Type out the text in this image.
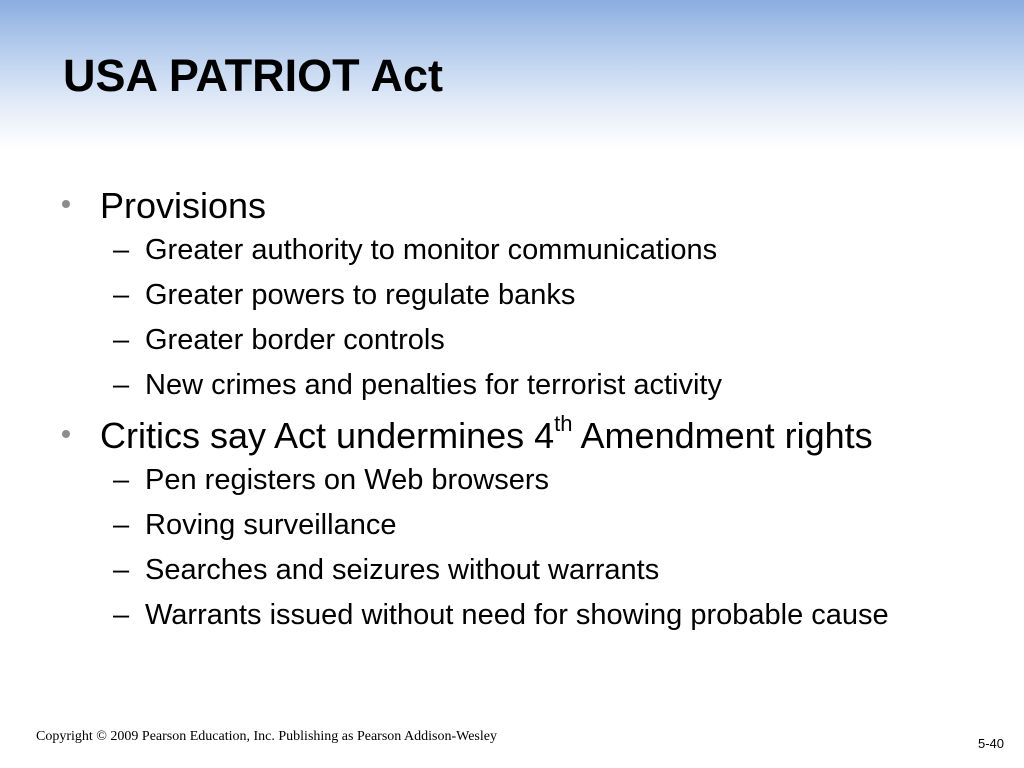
USA PATRIOT Act
Provisions
– Greater authority to monitor communications
– Greater powers to regulate banks
– Greater border controls
– New crimes and penalties for terrorist activity
Critics say Act undermines 4th Amendment rights
– Pen registers on Web browsers
– Roving surveillance
– Searches and seizures without warrants
– Warrants issued without need for showing probable cause
Copyright © 2009 Pearson Education, Inc. Publishing as Pearson Addison-Wesley	5-40
